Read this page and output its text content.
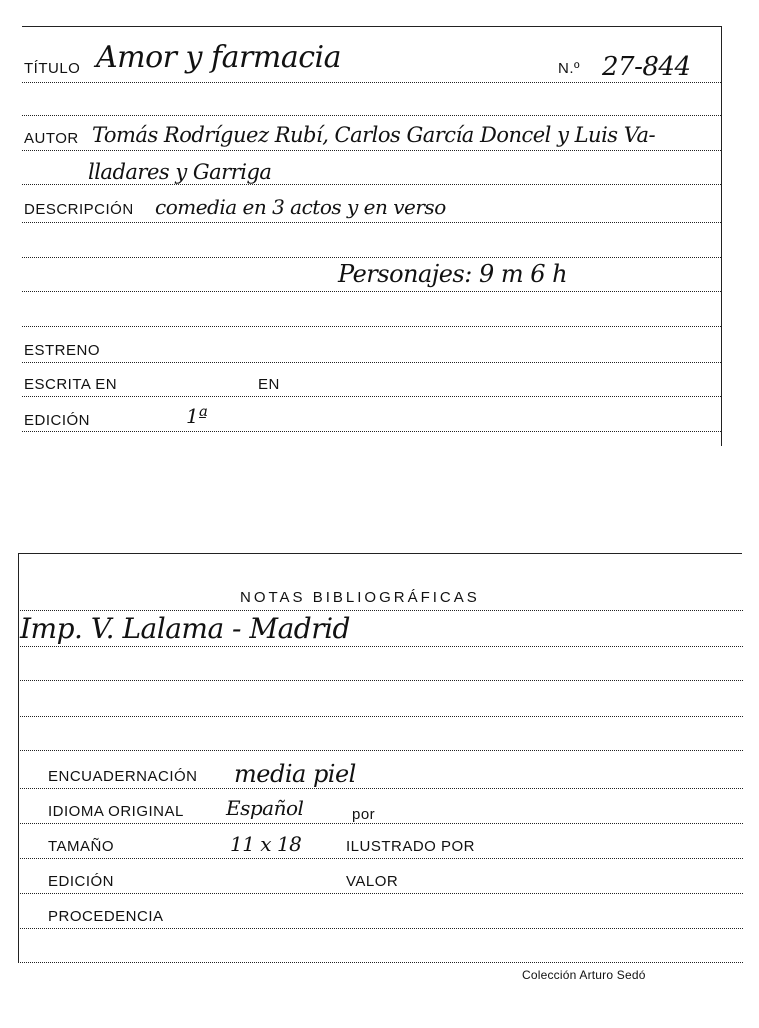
TÍTULO Amor y farmacia	N.º 27-844
AUTOR Tomás Rodríguez Rubí, Carlos García Doncel y Luis Va-
lladares y Garriga
DESCRIPCIÓN comedia en 3 actos y en verso
Personajes: 9 m 6 h
ESTRENO
ESCRITA EN	EN
EDICIÓN	1ª
NOTAS BIBLIOGRÁFICAS
Imp. V. Lalama - Madrid
ENCUADERNACIÓN media piel
IDIOMA ORIGINAL Español	por
TAMAÑO	11 x 18	ILUSTRADO POR
EDICIÓN	VALOR
PROCEDENCIA
Colección Arturo Sedó
